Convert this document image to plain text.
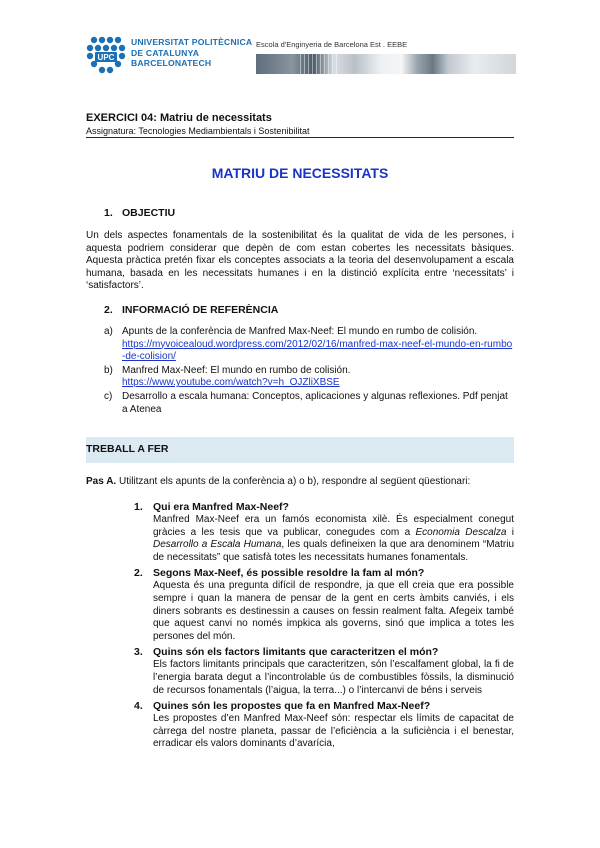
UPC
UNIVERSITAT POLITÈCNICA
DE CATALUNYA
BARCELONATECH
Escola d'Enginyeria de Barcelona Est . EEBE
EXERCICI 04: Matriu de necessitats
Assignatura: Tecnologies Mediambientals i Sostenibilitat
MATRIU DE NECESSITATS
1. OBJECTIU
Un dels aspectes fonamentals de la sostenibilitat és la qualitat de vida de les persones, i aquesta podriem considerar que depèn de com estan cobertes les necessitats bàsiques. Aquesta pràctica pretén fixar els conceptes associats a la teoria del desenvolupament a escala humana, basada en les necessitats humanes i en la distinció explícita entre ‘necessitats’ i ‘satisfactors’.
2. INFORMACIÓ DE REFERÈNCIA
a) Apunts de la conferència de Manfred Max-Neef: El mundo en rumbo de colisión.
https://myvoicealoud.wordpress.com/2012/02/16/manfred-max-neef-el-mundo-en-rumbo-de-colision/
b) Manfred Max-Neef: El mundo en rumbo de colisión.
https://www.youtube.com/watch?v=h_OJZliXBSE
c) Desarrollo a escala humana: Conceptos, aplicaciones y algunas reflexiones. Pdf penjat a Atenea
TREBALL A FER
Pas A. Utilitzant els apunts de la conferència a) o b), respondre al següent qüestionari:
1. Qui era Manfred Max-Neef?
Manfred Max-Neef era un famós economista xilè. És especialment conegut gràcies a les tesis que va publicar, conegudes com a Economia Descalza i Desarrollo a Escala Humana, les quals defineixen la que ara denominem “Matriu de necessitats” que satisfà totes les necessitats humanes fonamentals.
2. Segons Max-Neef, és possible resoldre la fam al món?
Aquesta és una pregunta difícil de respondre, ja que ell creia que era possible sempre i quan la manera de pensar de la gent en certs àmbits canviés, i els diners sobrants es destinessin a causes on fessin realment falta. Afegeix també que aquest canvi no només impkica als governs, sinó que implica a totes les persones del món.
3. Quins són els factors limitants que caracteritzen el món?
Els factors limitants principals que caracteritzen, són l’escalfament global, la fi de l’energia barata degut a l’incontrolable ús de combustibles fòssils, la disminució de recursos fonamentals (l’aigua, la terra...) o l’intercanvi de béns i serveis
4. Quines són les propostes que fa en Manfred Max-Neef?
Les propostes d’en Manfred Max-Neef són: respectar els límits de capacitat de càrrega del nostre planeta, passar de l’eficiència a la suficiència i el benestar, erradicar els valors dominants d’avarícia,
